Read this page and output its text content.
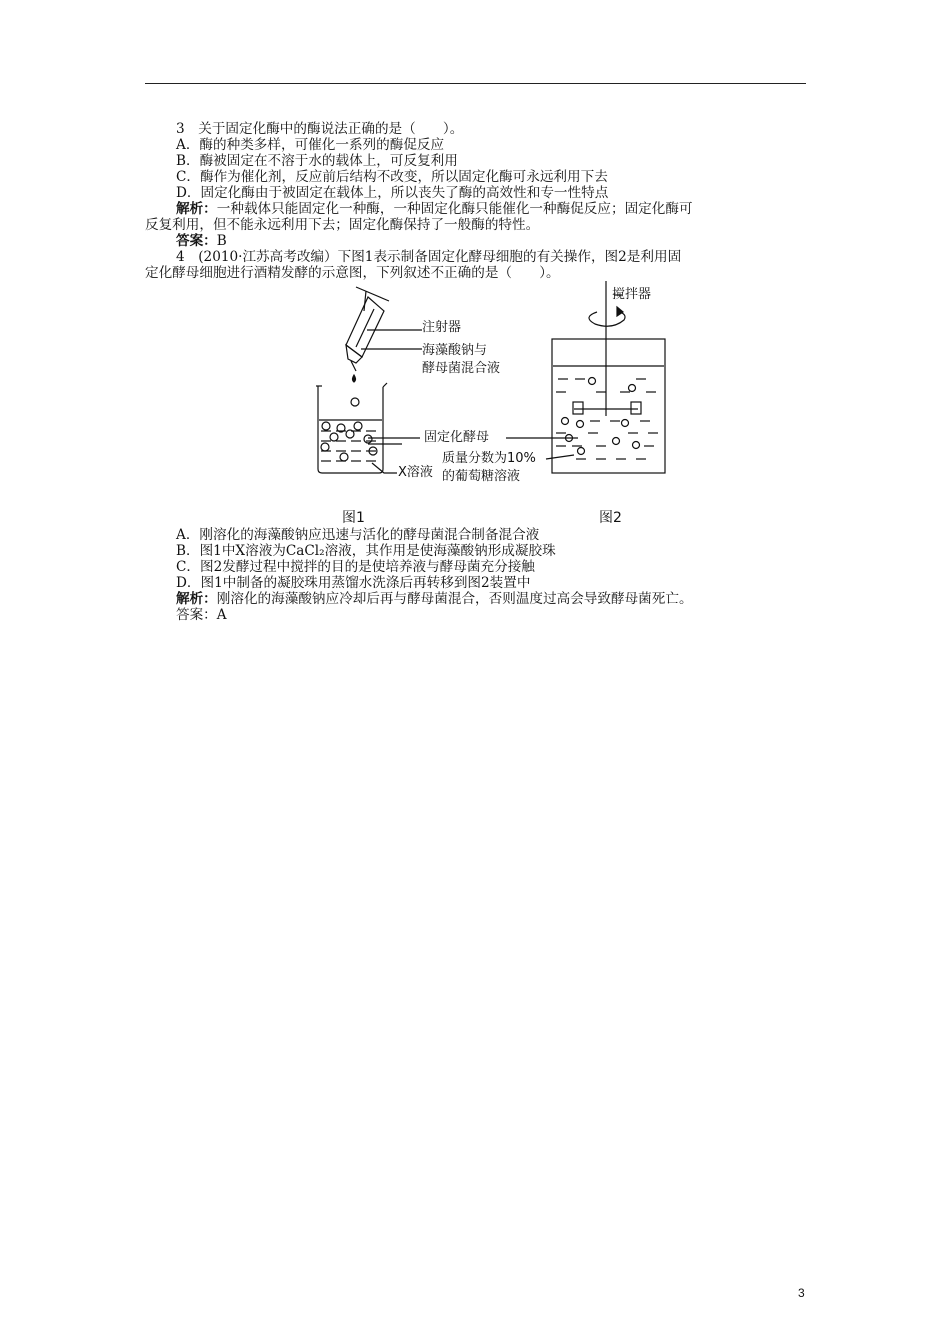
3　关于固定化酶中的酶说法正确的是（　　）。
A．酶的种类多样，可催化一系列的酶促反应
B．酶被固定在不溶于水的载体上，可反复利用
C．酶作为催化剂，反应前后结构不改变，所以固定化酶可永远利用下去
D．固定化酶由于被固定在载体上，所以丧失了酶的高效性和专一性特点
解析：一种载体只能固定化一种酶，一种固定化酶只能催化一种酶促反应；固定化酶可
反复利用，但不能永远利用下去；固定化酶保持了一般酶的特性。
答案：B
4　(2010·江苏高考改编）下图1表示制备固定化酵母细胞的有关操作，图2是利用固
定化酵母细胞进行酒精发酵的示意图，下列叙述不正确的是（　　）。
注射器
海藻酸钠与
酵母菌混合液
搅拌器
固定化酵母
X溶液
质量分数为10%
的葡萄糖溶液
图1	图2
A．刚溶化的海藻酸钠应迅速与活化的酵母菌混合制备混合液
B．图1中X溶液为CaCl₂溶液，其作用是使海藻酸钠形成凝胶珠
C．图2发酵过程中搅拌的目的是使培养液与酵母菌充分接触
D．图1中制备的凝胶珠用蒸馏水洗涤后再转移到图2装置中
解析：刚溶化的海藻酸钠应冷却后再与酵母菌混合，否则温度过高会导致酵母菌死亡。
答案：A
3
